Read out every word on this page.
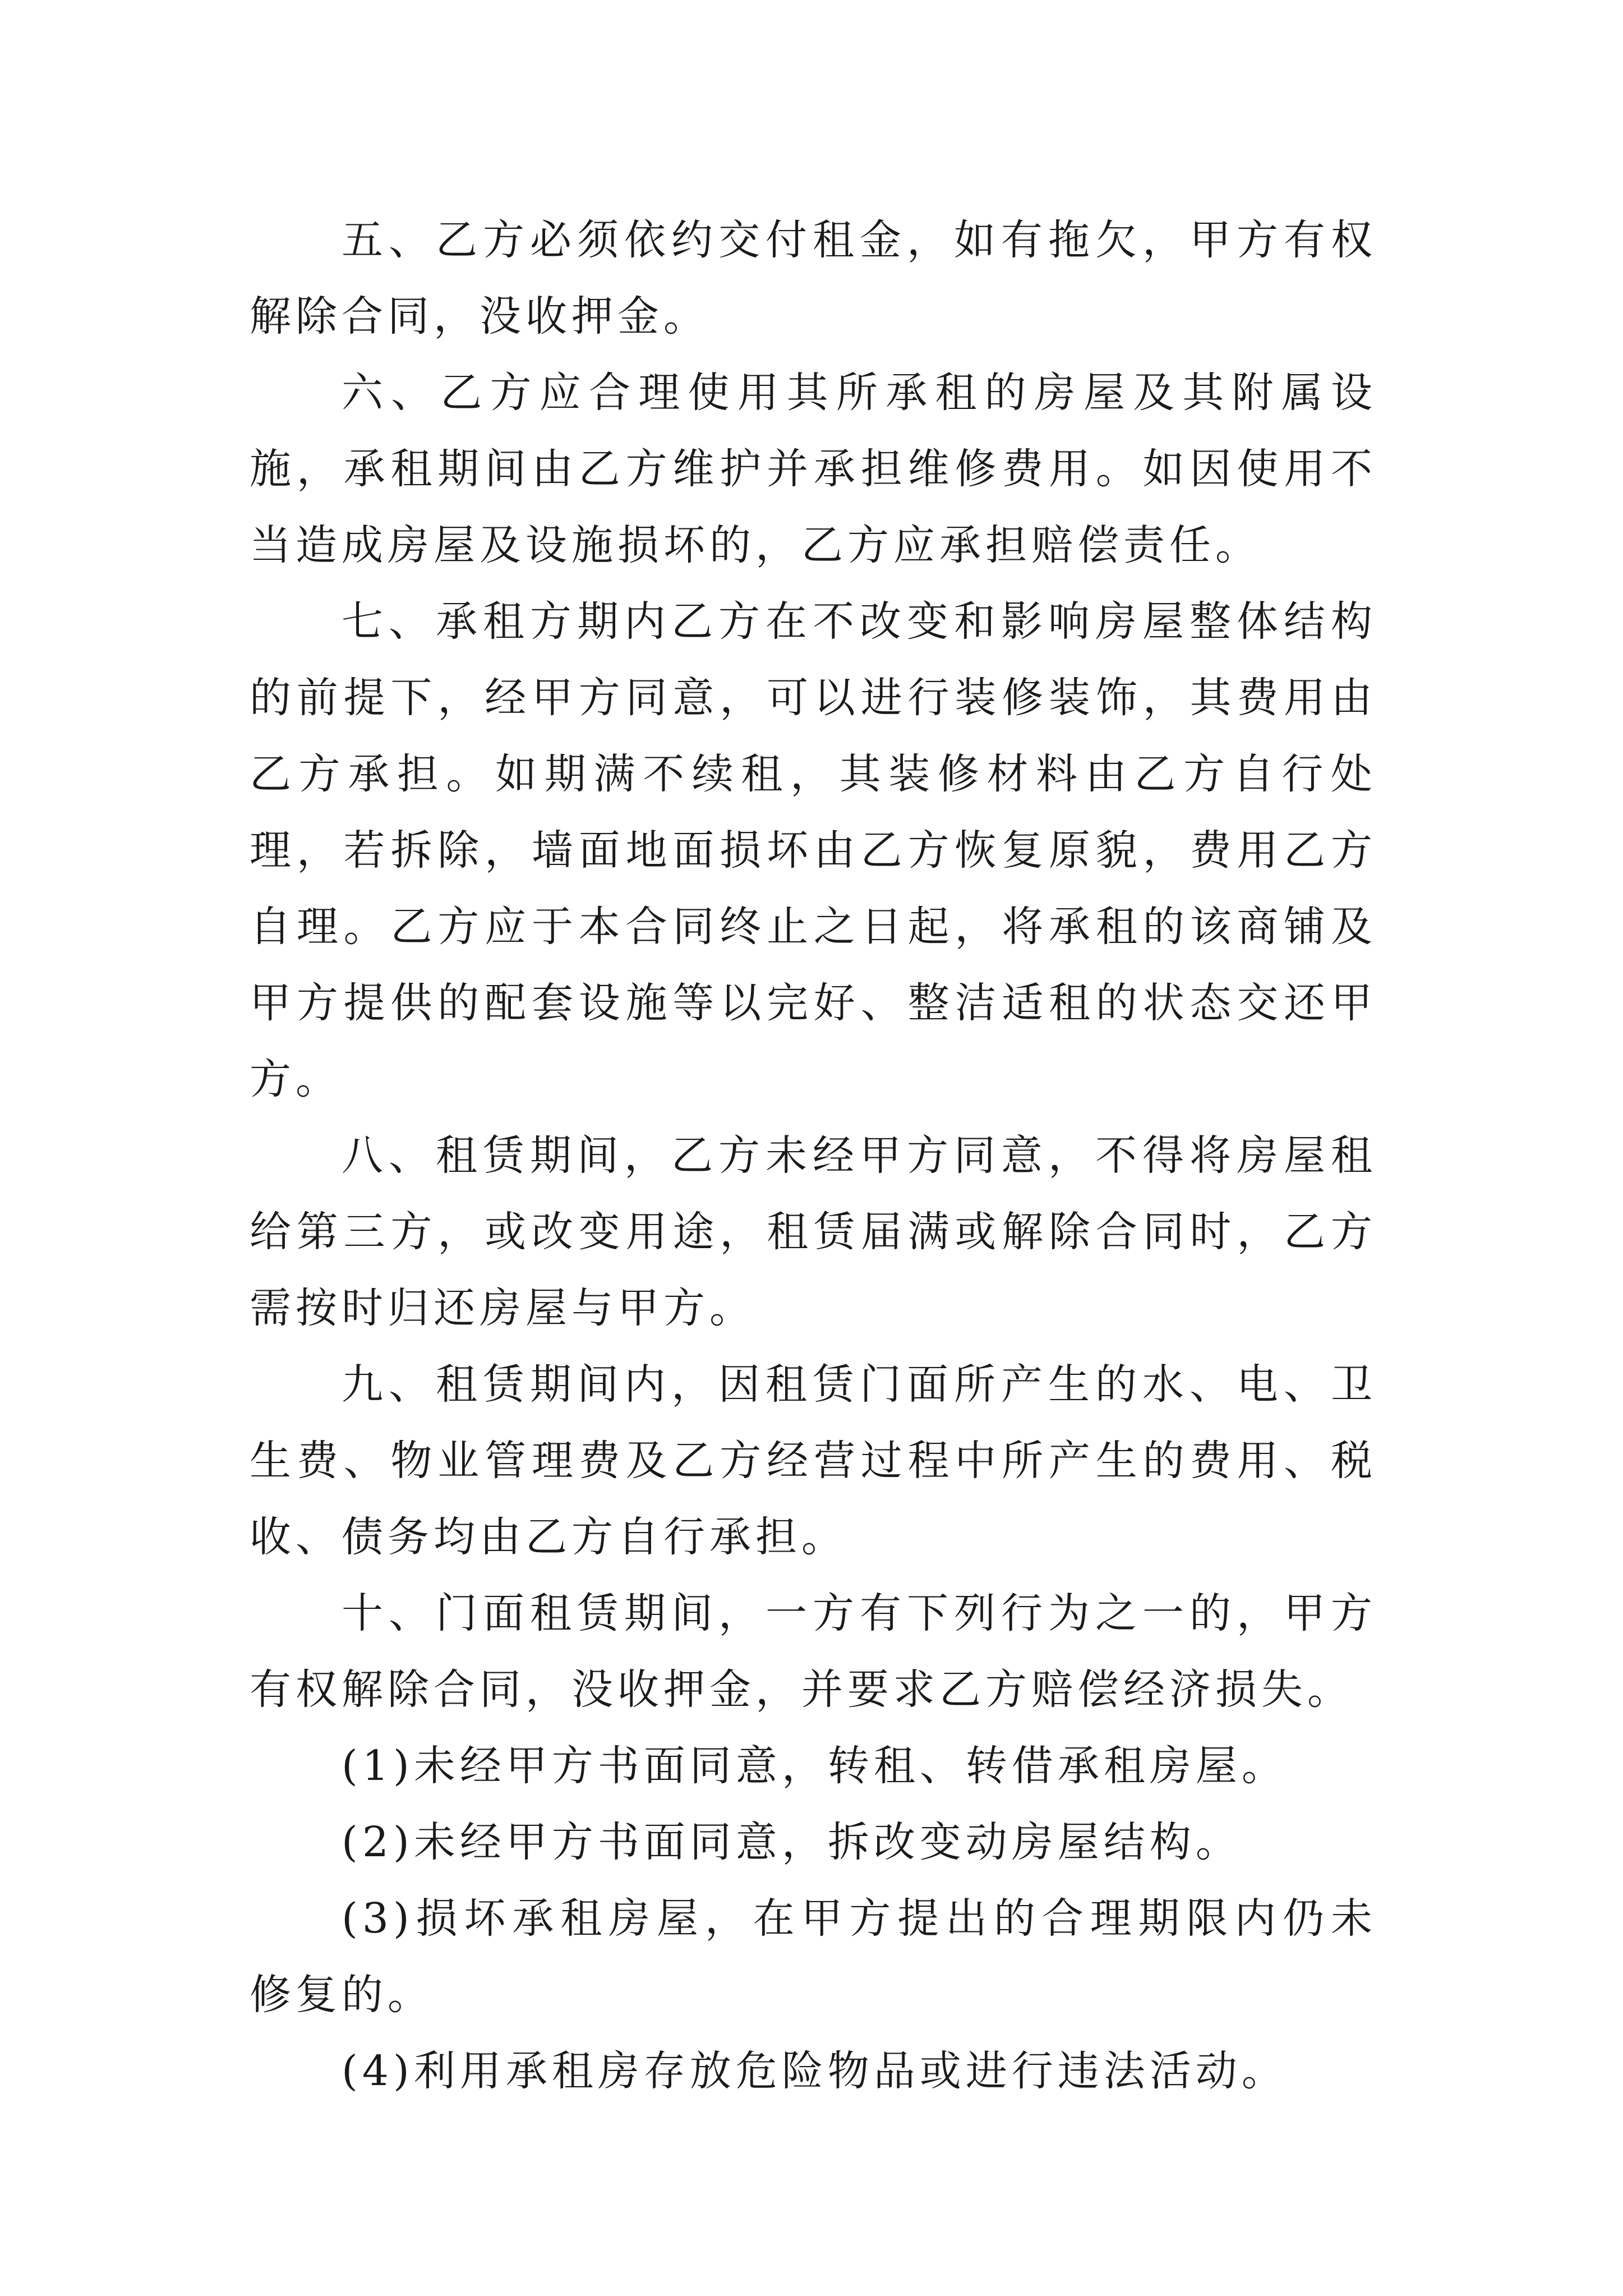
五、乙方必须依约交付租金，如有拖欠，甲方有权解除合同，没收押金。

六、乙方应合理使用其所承租的房屋及其附属设施，承租期间由乙方维护并承担维修费用。如因使用不当造成房屋及设施损坏的，乙方应承担赔偿责任。

七、承租方期内乙方在不改变和影响房屋整体结构的前提下，经甲方同意，可以进行装修装饰，其费用由乙方承担。如期满不续租，其装修材料由乙方自行处理，若拆除，墙面地面损坏由乙方恢复原貌，费用乙方自理。乙方应于本合同终止之日起，将承租的该商铺及甲方提供的配套设施等以完好、整洁适租的状态交还甲方。

八、租赁期间，乙方未经甲方同意，不得将房屋租给第三方，或改变用途，租赁届满或解除合同时，乙方需按时归还房屋与甲方。

九、租赁期间内，因租赁门面所产生的水、电、卫生费、物业管理费及乙方经营过程中所产生的费用、税收、债务均由乙方自行承担。

十、门面租赁期间，一方有下列行为之一的，甲方有权解除合同，没收押金，并要求乙方赔偿经济损失。

(1)未经甲方书面同意，转租、转借承租房屋。

(2)未经甲方书面同意，拆改变动房屋结构。

(3)损坏承租房屋，在甲方提出的合理期限内仍未修复的。

(4)利用承租房存放危险物品或进行违法活动。
